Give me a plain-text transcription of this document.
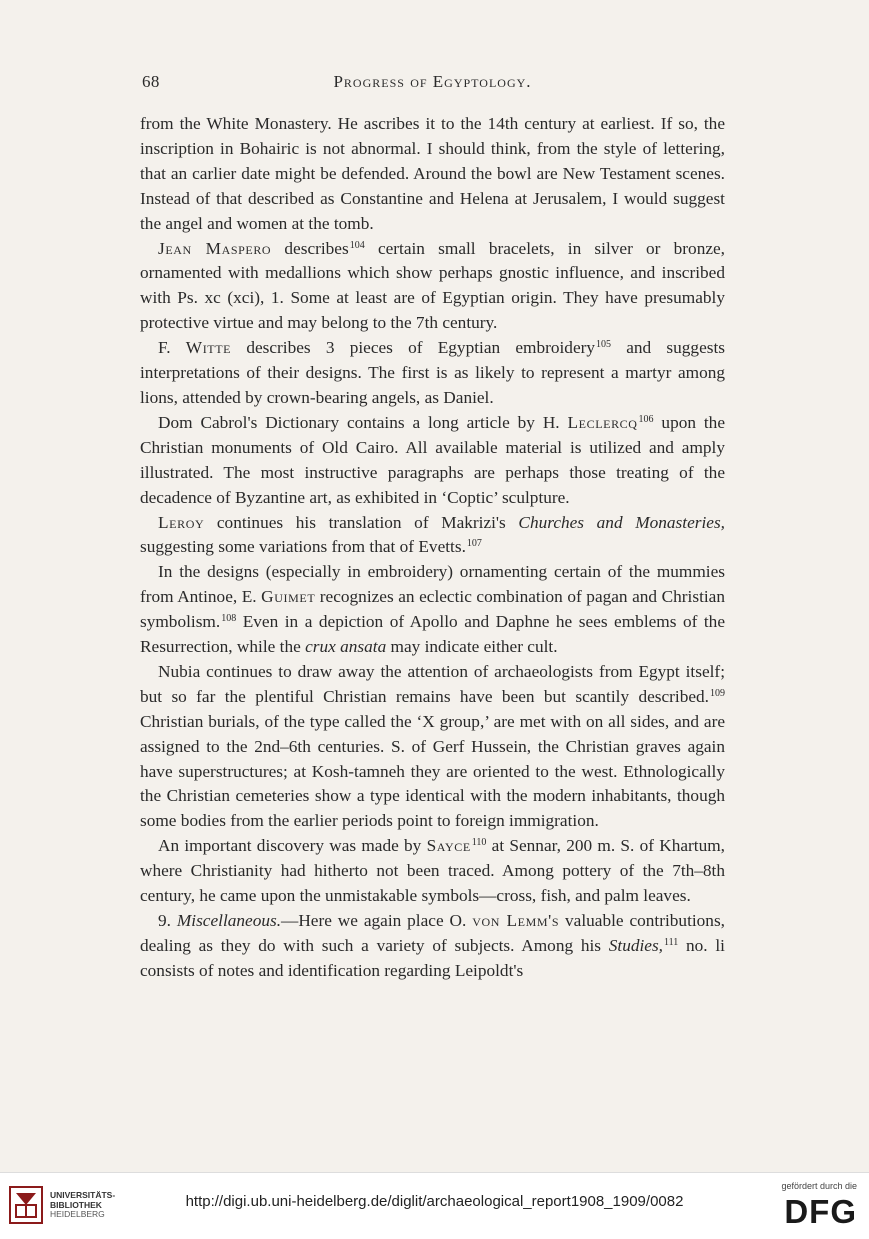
68	Progress of Egyptology.

from the White Monastery. He ascribes it to the 14th century at earliest. If so, the inscription in Bohairic is not abnormal. I should think, from the style of lettering, that an carlier date might be defended. Around the bowl are New Testament scenes. Instead of that described as Constantine and Helena at Jerusalem, I would suggest the angel and women at the tomb.

Jean Maspero describes$^{104}$ certain small bracelets, in silver or bronze, ornamented with medallions which show perhaps gnostic influence, and inscribed with Ps. xc (xci), 1. Some at least are of Egyptian origin. They have presumably protective virtue and may belong to the 7th century.

F. Witte describes 3 pieces of Egyptian embroidery$^{105}$ and suggests interpretations of their designs. The first is as likely to represent a martyr among lions, attended by crown-bearing angels, as Daniel.

Dom Cabrol's Dictionary contains a long article by H. Leclercq$^{106}$ upon the Christian monuments of Old Cairo. All available material is utilized and amply illustrated. The most instructive paragraphs are perhaps those treating of the decadence of Byzantine art, as exhibited in ‘Coptic’ sculpture.

Leroy continues his translation of Makrizi's Churches and Monasteries, suggesting some variations from that of Evetts.$^{107}$

In the designs (especially in embroidery) ornamenting certain of the mummies from Antinoe, E. Guimet recognizes an eclectic combination of pagan and Christian symbolism.$^{108}$ Even in a depiction of Apollo and Daphne he sees emblems of the Resurrection, while the crux ansata may indicate either cult.

Nubia continues to draw away the attention of archaeologists from Egypt itself; but so far the plentiful Christian remains have been but scantily described.$^{109}$ Christian burials, of the type called the ‘X group,’ are met with on all sides, and are assigned to the 2nd–6th centuries. S. of Gerf Hussein, the Christian graves again have superstructures; at Kosh-tamneh they are oriented to the west. Ethnologically the Christian cemeteries show a type identical with the modern inhabitants, though some bodies from the earlier periods point to foreign immigration.

An important discovery was made by Sayce$^{110}$ at Sennar, 200 m. S. of Khartum, where Christianity had hitherto not been traced. Among pottery of the 7th–8th century, he came upon the unmistakable symbols—cross, fish, and palm leaves.

9. Miscellaneous.—Here we again place O. von Lemm's valuable contributions, dealing as they do with such a variety of subjects. Among his Studies,$^{111}$ no. li consists of notes and identification regarding Leipoldt's

UNIVERSITÄTS-
BIBLIOTHEK
HEIDELBERG
http://digi.ub.uni-heidelberg.de/diglit/archaeological_report1908_1909/0082
gefördert durch die
DFG
